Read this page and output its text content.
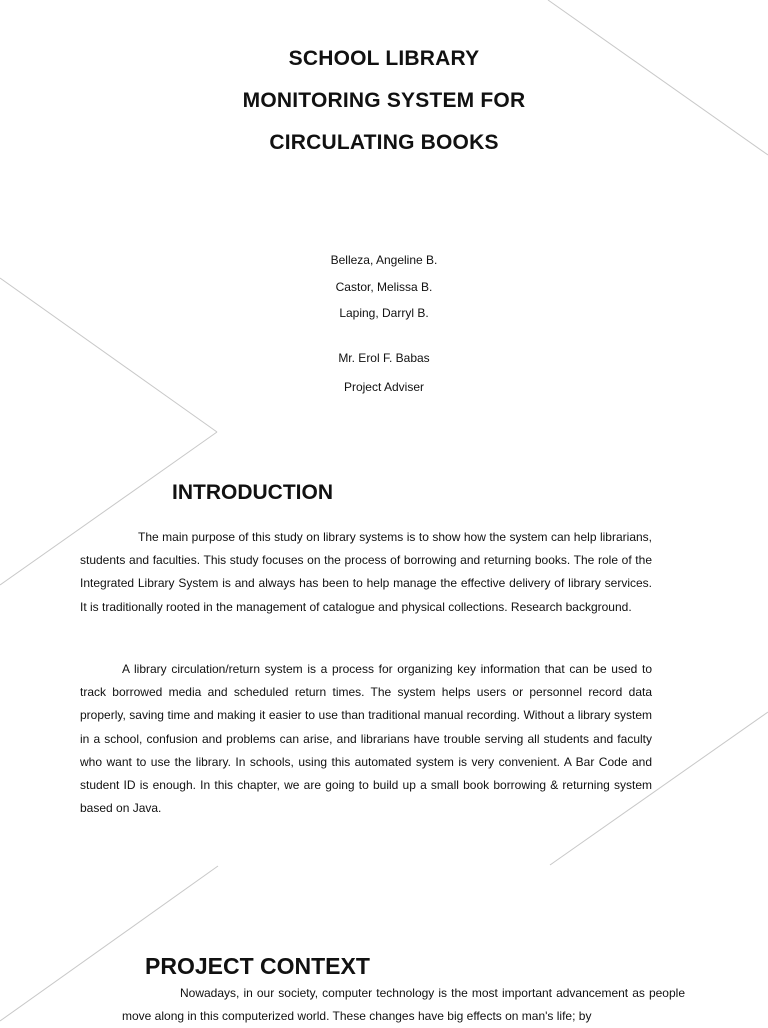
SCHOOL LIBRARY
MONITORING SYSTEM FOR
CIRCULATING BOOKS
Belleza, Angeline B.
Castor, Melissa B.
Laping, Darryl B.
Mr. Erol F. Babas
Project Adviser
INTRODUCTION
The main purpose of this study on library systems is to show how the system can help librarians, students and faculties. This study focuses on the process of borrowing and returning books. The role of the Integrated Library System is and always has been to help manage the effective delivery of library services. It is traditionally rooted in the management of catalogue and physical collections. Research background.
A library circulation/return system is a process for organizing key information that can be used to track borrowed media and scheduled return times. The system helps users or personnel record data properly, saving time and making it easier to use than traditional manual recording. Without a library system in a school, confusion and problems can arise, and librarians have trouble serving all students and faculty who want to use the library. In schools, using this automated system is very convenient. A Bar Code and student ID is enough. In this chapter, we are going to build up a small book borrowing & returning system based on Java.
PROJECT CONTEXT
Nowadays, in our society, computer technology is the most important advancement as people move along in this computerized world. These changes have big effects on man's life; by
